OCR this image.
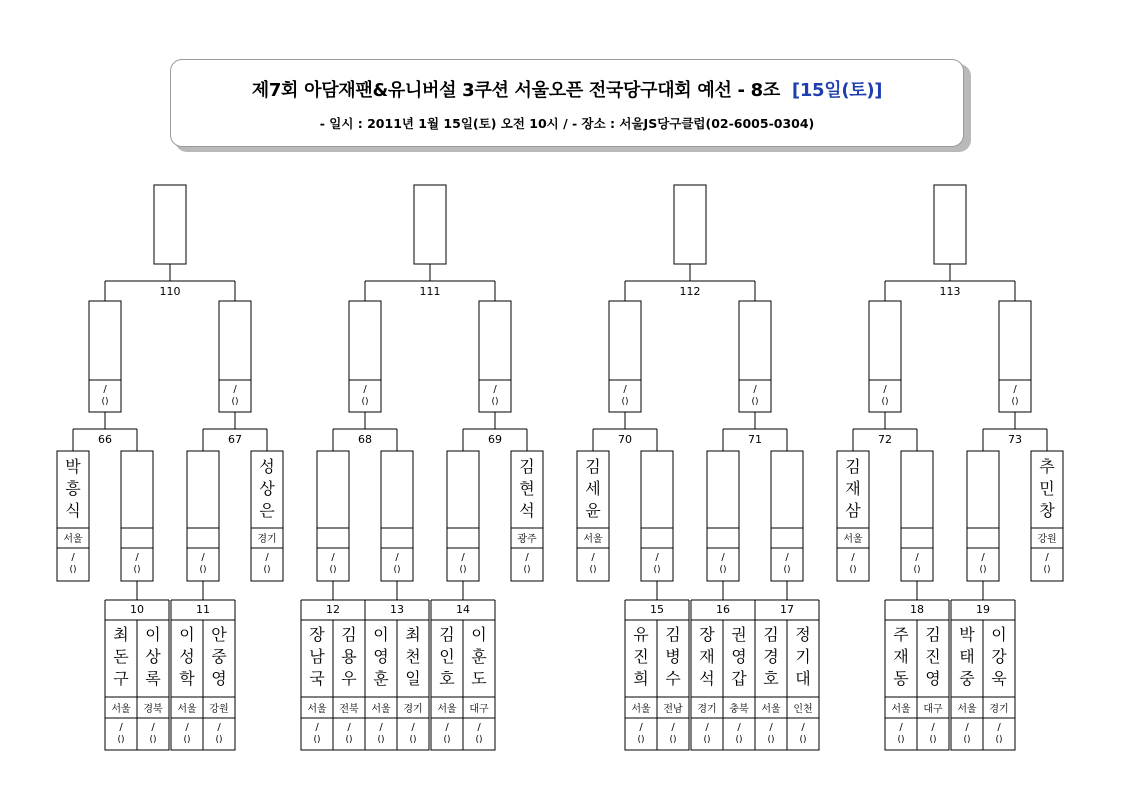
제7회 아담재팬&유니버설 3쿠션 서울오픈 전국당구대회 예선 - 8조 [15일(토)]
- 일시 : 2011년 1월 15일(토) 오전 10시 / - 장소 : 서울JS당구클럽(02-6005-0304)
110
/
()
/
()
66
박
흥
식
서울
/
()
/
()
10
최
돈
구
서울
/
()
이
상
록
경북
/
()
67
/
()
11
이
성
학
서울
/
()
안
중
영
강원
/
()
성
상
은
경기
/
()
111
/
()
/
()
68
/
()
12
장
남
국
서울
/
()
김
용
우
전북
/
()
/
()
13
이
영
훈
서울
/
()
최
천
일
경기
/
()
69
/
()
14
김
인
호
서울
/
()
이
훈
도
대구
/
()
김
현
석
광주
/
()
112
/
()
/
()
70
김
세
윤
서울
/
()
/
()
15
유
진
희
서울
/
()
김
병
수
전남
/
()
71
/
()
16
장
재
석
경기
/
()
권
영
갑
충북
/
()
/
()
17
김
경
호
서울
/
()
정
기
대
인천
/
()
113
/
()
/
()
72
김
재
삼
서울
/
()
/
()
18
주
재
동
서울
/
()
김
진
영
대구
/
()
73
/
()
19
박
태
중
서울
/
()
이
강
욱
경기
/
()
추
민
창
강원
/
()
